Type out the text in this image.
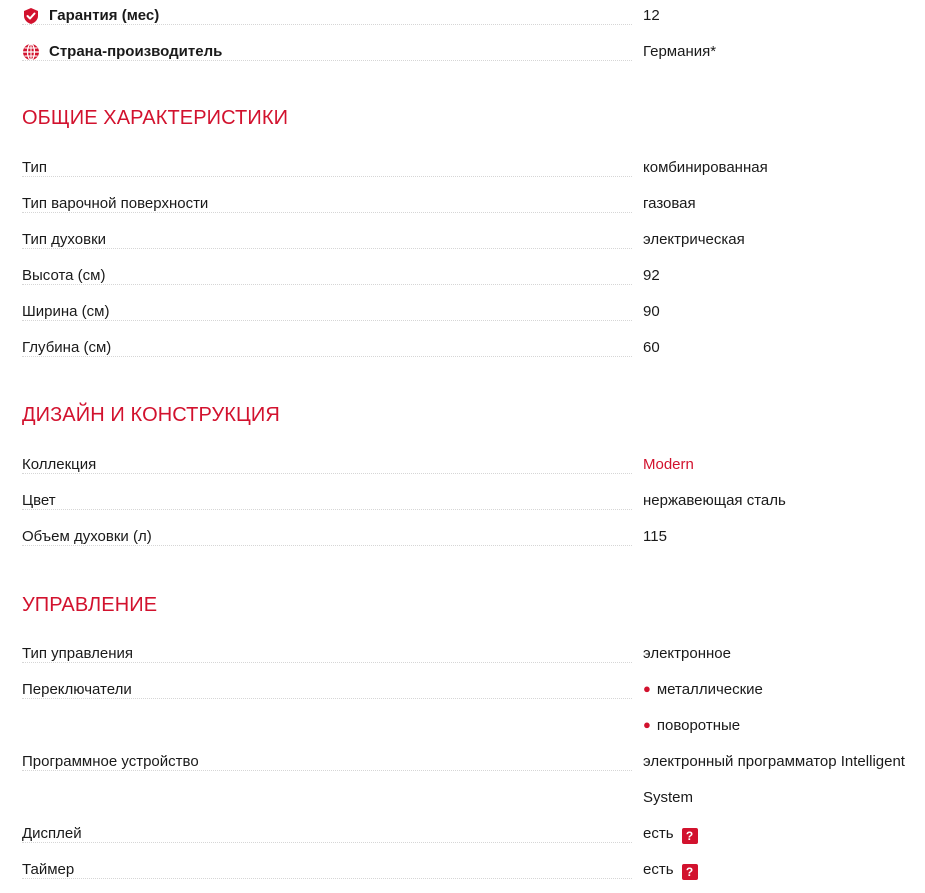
Гарантия (мес)	12
Страна-производитель	Германия*
ОБЩИЕ ХАРАКТЕРИСТИКИ
Тип	комбинированная
Тип варочной поверхности	газовая
Тип духовки	электрическая
Высота (см)	92
Ширина (см)	90
Глубина (см)	60
ДИЗАЙН И КОНСТРУКЦИЯ
Коллекция	Modern
Цвет	нержавеющая сталь
Объем духовки (л)	115
УПРАВЛЕНИЕ
Тип управления	электронное
Переключатели	● металлические
● поворотные
Программное устройство	электронный программатор Intelligent
System
Дисплей	есть ?
Таймер	есть ?
